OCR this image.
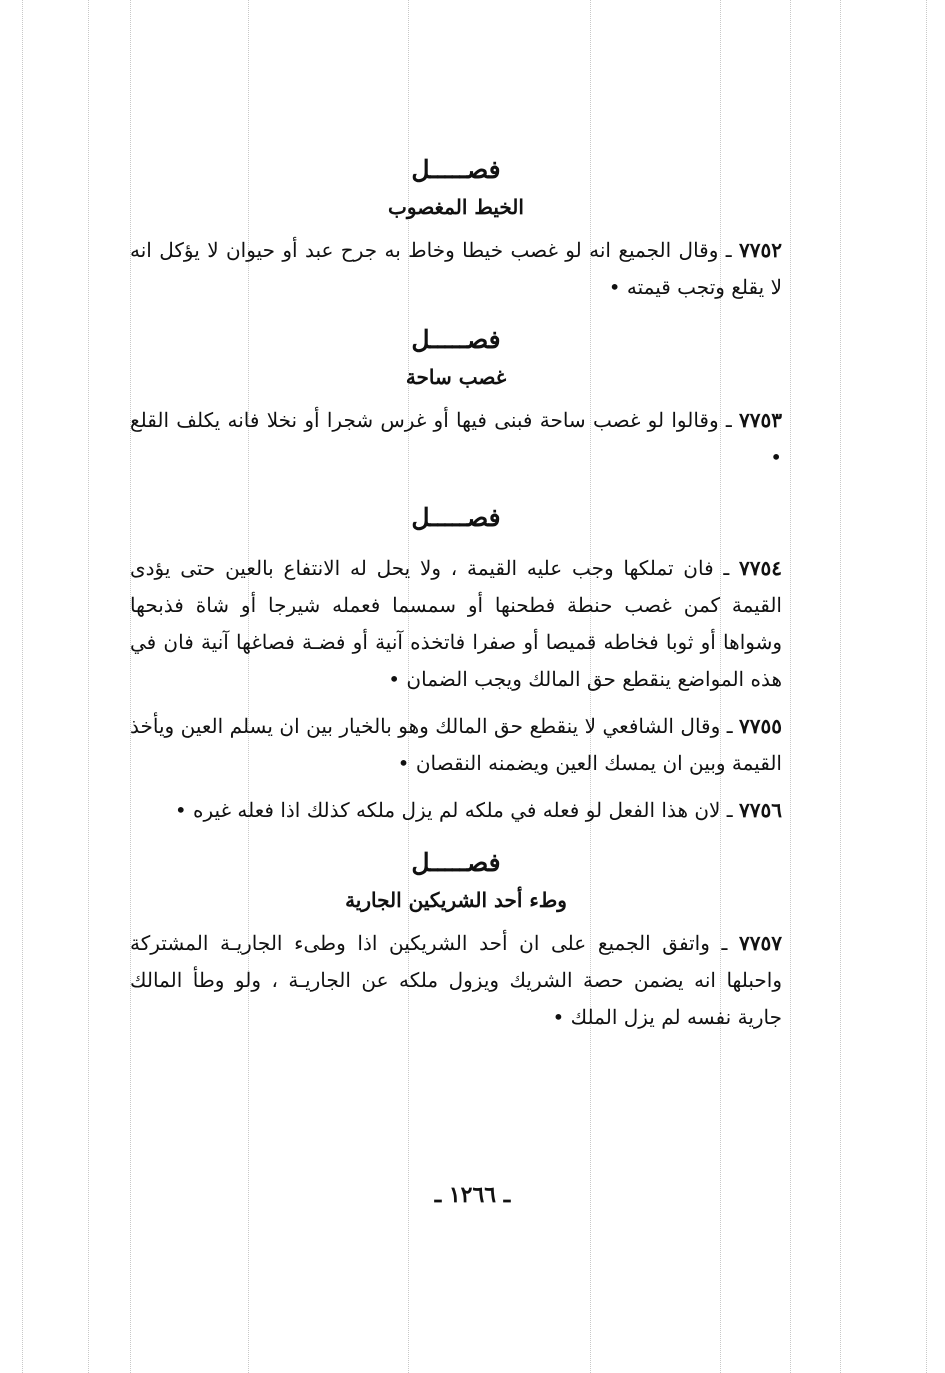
فصـــــل
الخيط المغصوب

٧٧٥٢ ـ وقال الجميع انه لو غصب خيطا وخاط به جرح عبد أو حيوان لا يؤكل انه لا يقلع وتجب قيمته •

فصـــــل
غصب ساحة

٧٧٥٣ ـ وقالوا لو غصب ساحة فبنى فيها أو غرس شجرا أو نخلا فانه يكلف القلع •

فصـــــل

٧٧٥٤ ـ فان تملكها وجب عليه القيمة ، ولا يحل له الانتفاع بالعين حتى يؤدى القيمة كمن غصب حنطة فطحنها أو سمسما فعمله شيرجا أو شاة فذبحها وشواها أو ثوبا فخاطه قميصا أو صفرا فاتخذه آنية أو فضـة فصاغها آنية فان في هذه المواضع ينقطع حق المالك ويجب الضمان •

٧٧٥٥ ـ وقال الشافعي لا ينقطع حق المالك وهو بالخيار بين ان يسلم العين ويأخذ القيمة وبين ان يمسك العين ويضمنه النقصان •

٧٧٥٦ ـ لان هذا الفعل لو فعله في ملكه لم يزل ملكه كذلك اذا فعله غيره •

فصـــــل
وطء أحد الشريكين الجارية

٧٧٥٧ ـ واتفق الجميع على ان أحد الشريكين اذا وطىء الجاريـة المشتركة واحبلها انه يضمن حصة الشريك ويزول ملكه عن الجاريـة ، ولو وطأ المالك جارية نفسه لم يزل الملك •

ـ ١٢٦٦ ـ
